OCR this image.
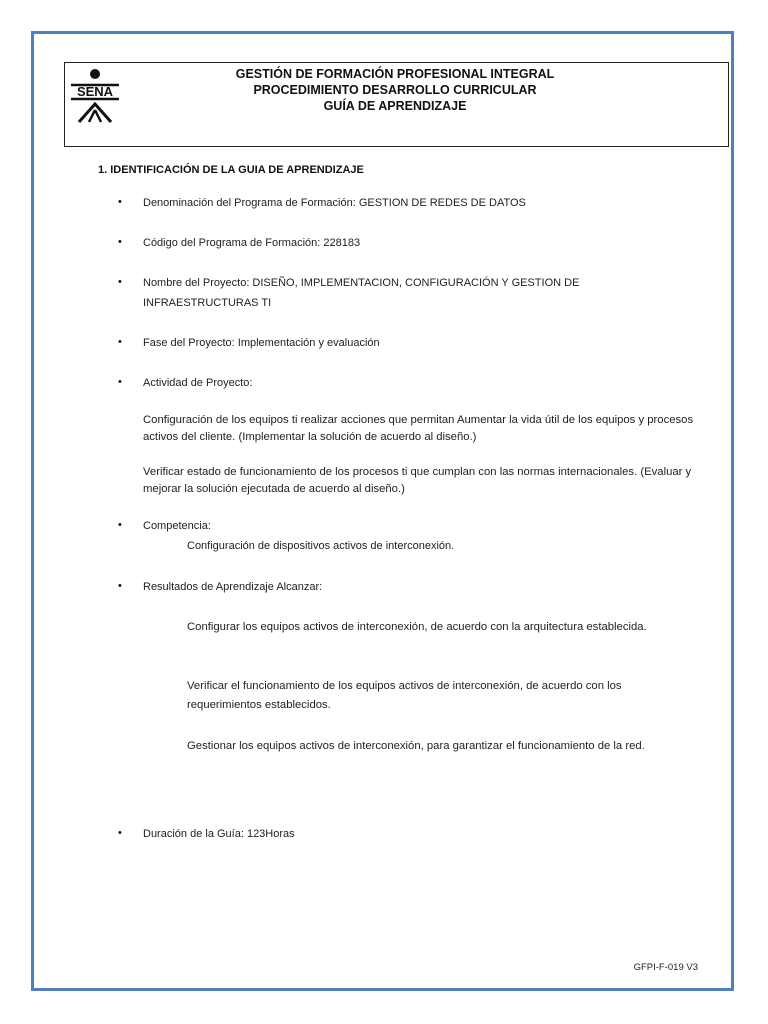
SENA
GESTIÓN DE FORMACIÓN PROFESIONAL INTEGRAL
PROCEDIMIENTO DESARROLLO CURRICULAR
GUÍA DE APRENDIZAJE
1. IDENTIFICACIÓN DE LA GUIA DE APRENDIZAJE
• Denominación del Programa de Formación: GESTION DE REDES DE DATOS
• Código del Programa de Formación: 228183
• Nombre del Proyecto: DISEÑO, IMPLEMENTACION, CONFIGURACIÓN Y GESTION DE
INFRAESTRUCTURAS TI
• Fase del Proyecto: Implementación y evaluación
• Actividad de Proyecto:
Configuración de los equipos ti realizar acciones que permitan Aumentar la vida útil de los equipos y procesos activos del cliente. (Implementar la solución de acuerdo al diseño.)
Verificar estado de funcionamiento de los procesos ti que cumplan con las normas internacionales. (Evaluar y mejorar la solución ejecutada de acuerdo al diseño.)
• Competencia:
Configuración de dispositivos activos de interconexión.
• Resultados de Aprendizaje Alcanzar:
Configurar los equipos activos de interconexión, de acuerdo con la arquitectura establecida.
Verificar el funcionamiento de los equipos activos de interconexión, de acuerdo con los requerimientos establecidos.
Gestionar los equipos activos de interconexión, para garantizar el funcionamiento de la red.
• Duración de la Guía: 123Horas
GFPI-F-019 V3
